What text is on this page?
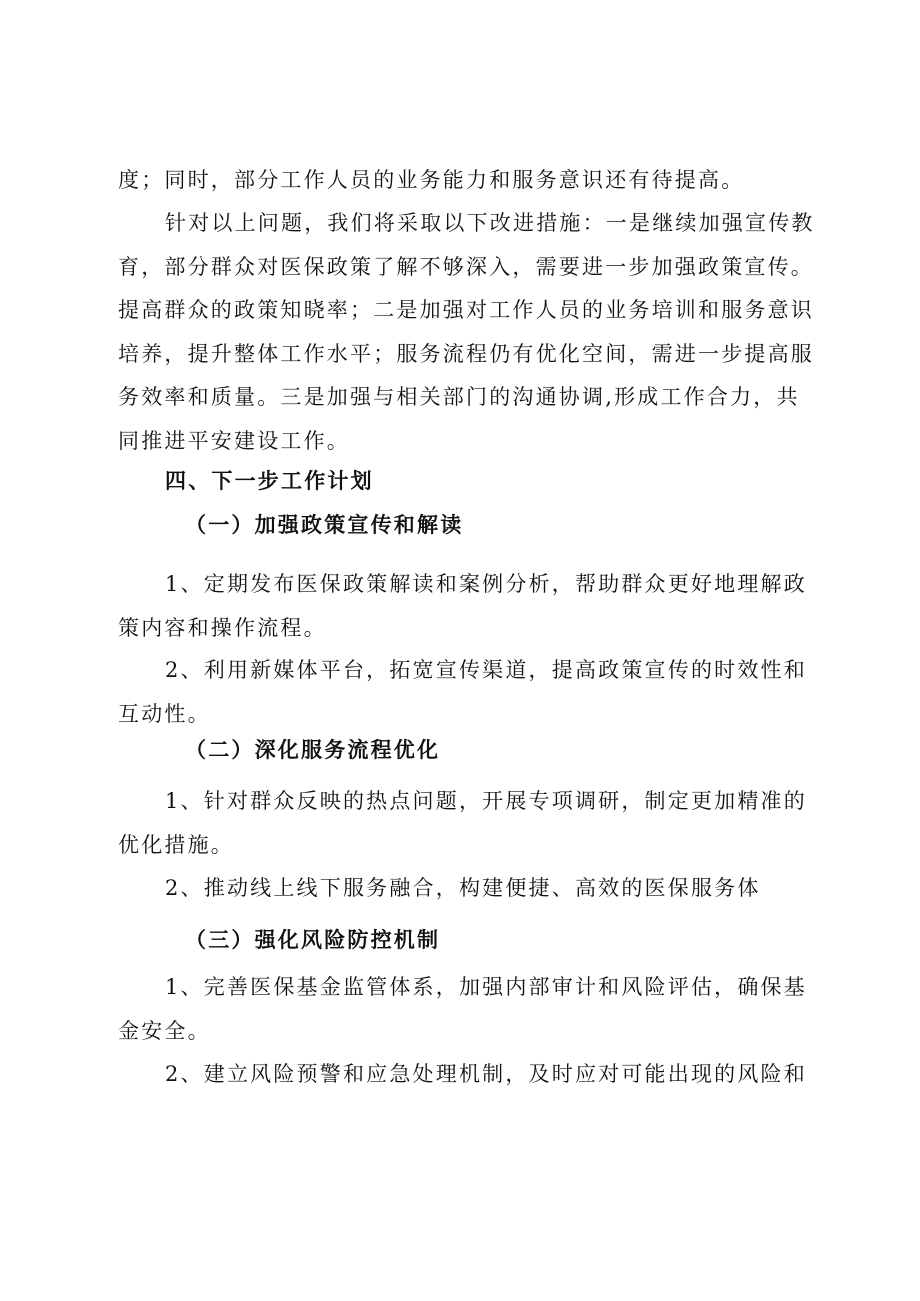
度；同时，部分工作人员的业务能力和服务意识还有待提高。

针对以上问题，我们将采取以下改进措施：一是继续加强宣传教育，部分群众对医保政策了解不够深入，需要进一步加强政策宣传。提高群众的政策知晓率；二是加强对工作人员的业务培训和服务意识培养，提升整体工作水平；服务流程仍有优化空间，需进一步提高服务效率和质量。三是加强与相关部门的沟通协调,形成工作合力，共同推进平安建设工作。

四、下一步工作计划

（一）加强政策宣传和解读

1、定期发布医保政策解读和案例分析，帮助群众更好地理解政策内容和操作流程。

2、利用新媒体平台，拓宽宣传渠道，提高政策宣传的时效性和互动性。

（二）深化服务流程优化

1、针对群众反映的热点问题，开展专项调研，制定更加精准的优化措施。

2、推动线上线下服务融合，构建便捷、高效的医保服务体

（三）强化风险防控机制

1、完善医保基金监管体系，加强内部审计和风险评估，确保基金安全。

2、建立风险预警和应急处理机制，及时应对可能出现的风险和
